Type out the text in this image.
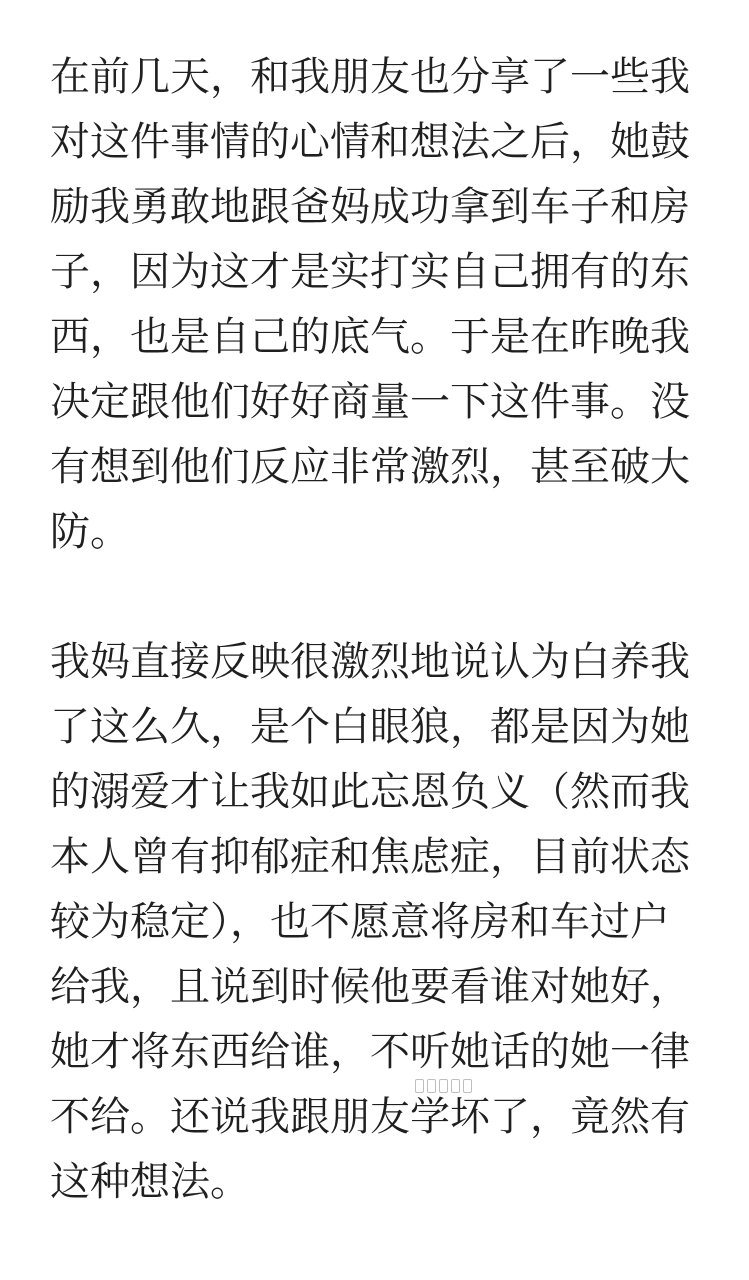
在前几天，和我朋友也分享了一些我对这件事情的心情和想法之后，她鼓励我勇敢地跟爸妈成功拿到车子和房子，因为这才是实打实自己拥有的东西，也是自己的底气。于是在昨晚我决定跟他们好好商量一下这件事。没有想到他们反应非常激烈，甚至破大防。

我妈直接反映很激烈地说认为白养我了这么久，是个白眼狼，都是因为她的溺爱才让我如此忘恩负义（然而我本人曾有抑郁症和焦虑症，目前状态较为稳定），也不愿意将房和车过户给我，且说到时候他要看谁对她好，她才将东西给谁，不听她话的她一律不给。还说我跟朋友学坏了，竟然有这种想法。
